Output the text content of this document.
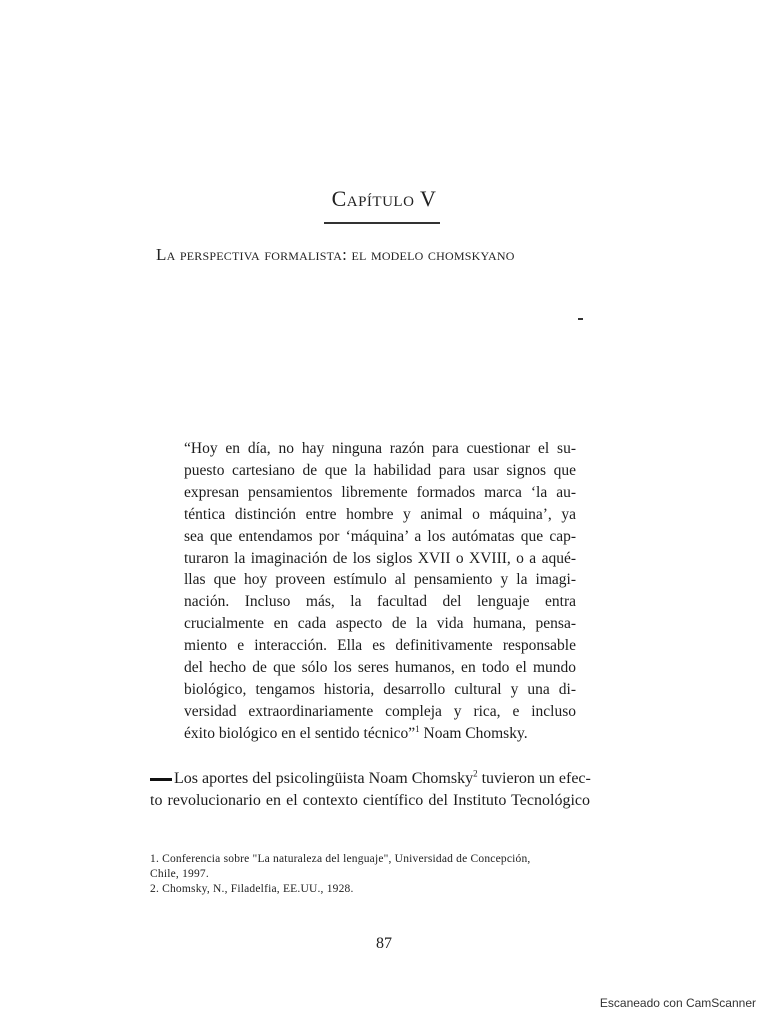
Capítulo V
La perspectiva formalista: el modelo chomskyano
“Hoy en día, no hay ninguna razón para cuestionar el su-
puesto cartesiano de que la habilidad para usar signos que
expresan pensamientos libremente formados marca ‘la au-
téntica distinción entre hombre y animal o máquina’, ya
sea que entendamos por ‘máquina’ a los autómatas que cap-
turaron la imaginación de los siglos XVII o XVIII, o a aqué-
llas que hoy proveen estímulo al pensamiento y la imagi-
nación. Incluso más, la facultad del lenguaje entra
crucialmente en cada aspecto de la vida humana, pensa-
miento e interacción. Ella es definitivamente responsable
del hecho de que sólo los seres humanos, en todo el mundo
biológico, tengamos historia, desarrollo cultural y una di-
versidad extraordinariamente compleja y rica, e incluso
éxito biológico en el sentido técnico”$^1$ Noam Chomsky.
Los aportes del psicolingüista Noam Chomsky$^2$ tuvieron un efec-
to revolucionario en el contexto científico del Instituto Tecnológico
1. Conferencia sobre "La naturaleza del lenguaje", Universidad de Concepción,
Chile, 1997.
2. Chomsky, N., Filadelfia, EE.UU., 1928.
87
Escaneado con CamScanner
